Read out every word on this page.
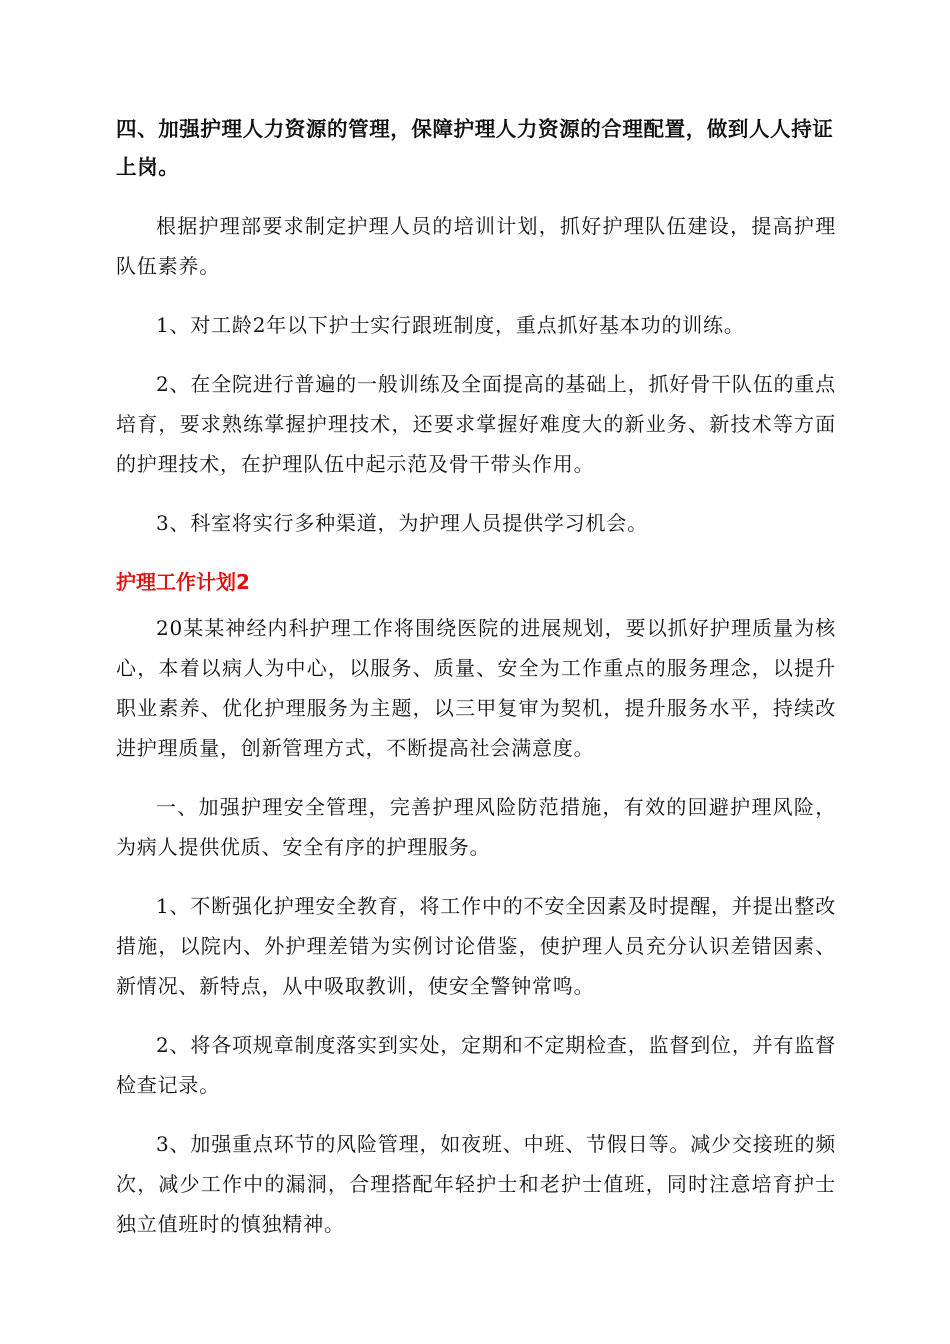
四、加强护理人力资源的管理，保障护理人力资源的合理配置，做到人人持证上岗。

根据护理部要求制定护理人员的培训计划，抓好护理队伍建设，提高护理队伍素养。

1、对工龄2年以下护士实行跟班制度，重点抓好基本功的训练。

2、在全院进行普遍的一般训练及全面提高的基础上，抓好骨干队伍的重点培育，要求熟练掌握护理技术，还要求掌握好难度大的新业务、新技术等方面的护理技术，在护理队伍中起示范及骨干带头作用。

3、科室将实行多种渠道，为护理人员提供学习机会。

护理工作计划2

20某某神经内科护理工作将围绕医院的进展规划，要以抓好护理质量为核心，本着以病人为中心，以服务、质量、安全为工作重点的服务理念，以提升职业素养、优化护理服务为主题，以三甲复审为契机，提升服务水平，持续改进护理质量，创新管理方式，不断提高社会满意度。

一、加强护理安全管理，完善护理风险防范措施，有效的回避护理风险，为病人提供优质、安全有序的护理服务。

1、不断强化护理安全教育，将工作中的不安全因素及时提醒，并提出整改措施，以院内、外护理差错为实例讨论借鉴，使护理人员充分认识差错因素、新情况、新特点，从中吸取教训，使安全警钟常鸣。

2、将各项规章制度落实到实处，定期和不定期检查，监督到位，并有监督检查记录。

3、加强重点环节的风险管理，如夜班、中班、节假日等。减少交接班的频次，减少工作中的漏洞，合理搭配年轻护士和老护士值班，同时注意培育护士独立值班时的慎独精神。
